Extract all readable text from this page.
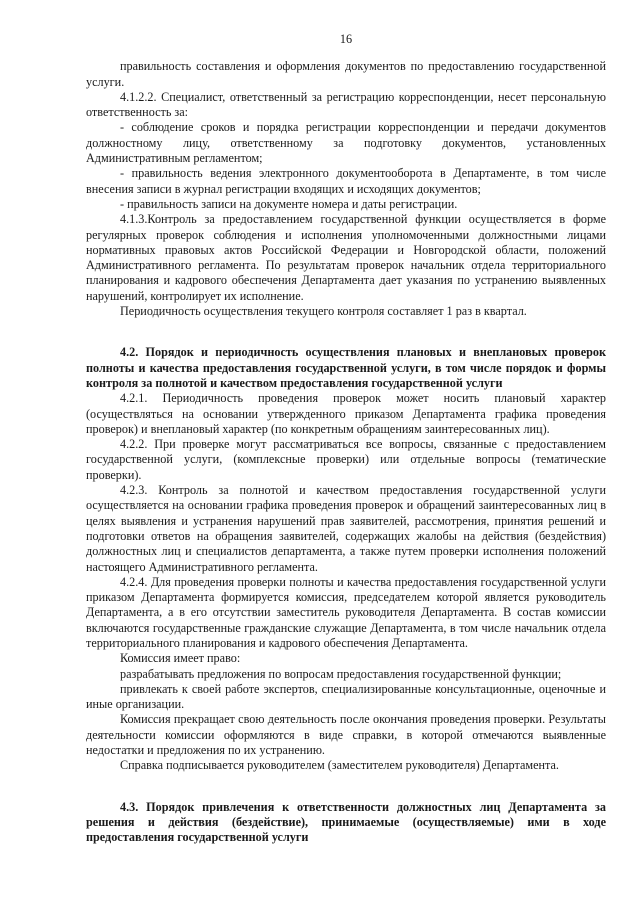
16

правильность составления и оформления документов по предоставлению государственной услуги.

4.1.2.2. Специалист, ответственный за регистрацию корреспонденции, несет персональную ответственность за:

- соблюдение сроков и порядка регистрации корреспонденции и передачи документов должностному лицу, ответственному за подготовку документов, установленных Административным регламентом;

- правильность ведения электронного документооборота в Департаменте, в том числе внесения записи в журнал регистрации входящих и исходящих документов;

- правильность записи на документе номера и даты регистрации.

4.1.3.Контроль за предоставлением государственной функции осуществляется в форме регулярных проверок соблюдения и исполнения уполномоченными должностными лицами нормативных правовых актов Российской Федерации и Новгородской области, положений Административного регламента. По результатам проверок начальник отдела территориального планирования и кадрового обеспечения Департамента дает указания по устранению выявленных нарушений, контролирует их исполнение.

Периодичность осуществления текущего контроля составляет 1 раз в квартал.

4.2. Порядок и периодичность осуществления плановых и внеплановых проверок полноты и качества предоставления государственной услуги, в том числе порядок и формы контроля за полнотой и качеством предоставления государственной услуги

4.2.1. Периодичность проведения проверок может носить плановый характер (осуществляться на основании утвержденного приказом Департамента графика проведения проверок) и внеплановый характер (по конкретным обращениям заинтересованных лиц).

4.2.2. При проверке могут рассматриваться все вопросы, связанные с предоставлением государственной услуги, (комплексные проверки) или отдельные вопросы (тематические проверки).

4.2.3. Контроль за полнотой и качеством предоставления государственной услуги осуществляется на основании графика проведения проверок и обращений заинтересованных лиц в целях выявления и устранения нарушений прав заявителей, рассмотрения, принятия решений и подготовки ответов на обращения заявителей, содержащих жалобы на действия (бездействия) должностных лиц и специалистов департамента, а также путем проверки исполнения положений настоящего Административного регламента.

4.2.4. Для проведения проверки полноты и качества предоставления государственной услуги приказом Департамента формируется комиссия, председателем которой является руководитель Департамента, а в его отсутствии заместитель руководителя Департамента. В состав комиссии включаются государственные гражданские служащие Департамента, в том числе начальник отдела территориального планирования и кадрового обеспечения Департамента.

Комиссия имеет право:

разрабатывать предложения по вопросам предоставления государственной функции;

привлекать к своей работе экспертов, специализированные консультационные, оценочные и иные организации.

Комиссия прекращает свою деятельность после окончания проведения проверки. Результаты деятельности комиссии оформляются в виде справки, в которой отмечаются выявленные недостатки и предложения по их устранению.

Справка подписывается руководителем (заместителем руководителя) Департамента.

4.3. Порядок привлечения к ответственности должностных лиц Департамента за решения и действия (бездействие), принимаемые (осуществляемые) ими в ходе предоставления государственной услуги
